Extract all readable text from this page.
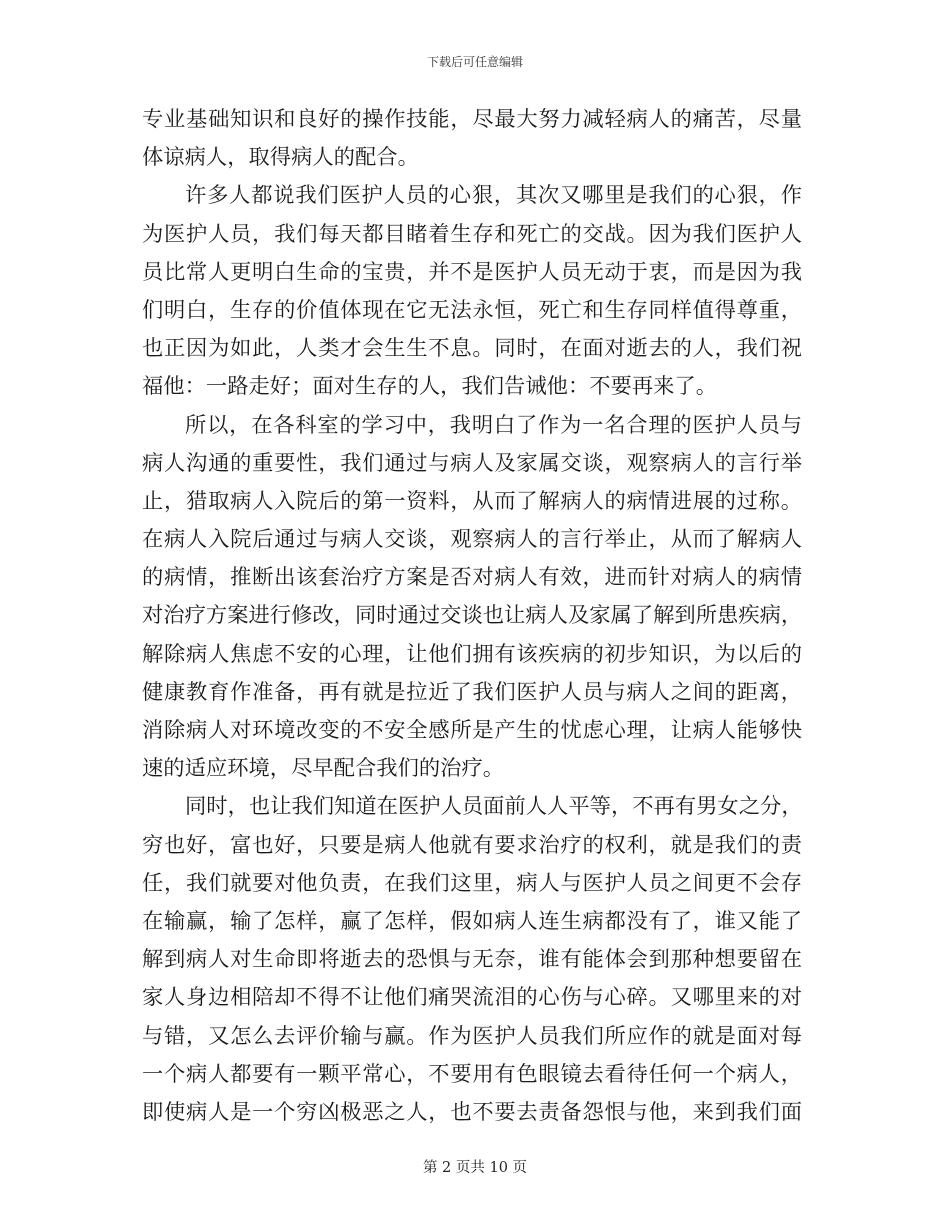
下载后可任意编辑
专业基础知识和良好的操作技能，尽最大努力减轻病人的痛苦，尽量
体谅病人，取得病人的配合。
许多人都说我们医护人员的心狠，其次又哪里是我们的心狠，作
为医护人员，我们每天都目睹着生存和死亡的交战。因为我们医护人
员比常人更明白生命的宝贵，并不是医护人员无动于衷，而是因为我
们明白，生存的价值体现在它无法永恒，死亡和生存同样值得尊重，
也正因为如此，人类才会生生不息。同时，在面对逝去的人，我们祝
福他：一路走好；面对生存的人，我们告诫他：不要再来了。
所以，在各科室的学习中，我明白了作为一名合理的医护人员与
病人沟通的重要性，我们通过与病人及家属交谈，观察病人的言行举
止，猎取病人入院后的第一资料，从而了解病人的病情进展的过称。
在病人入院后通过与病人交谈，观察病人的言行举止，从而了解病人
的病情，推断出该套治疗方案是否对病人有效，进而针对病人的病情
对治疗方案进行修改，同时通过交谈也让病人及家属了解到所患疾病，
解除病人焦虑不安的心理，让他们拥有该疾病的初步知识，为以后的
健康教育作准备，再有就是拉近了我们医护人员与病人之间的距离，
消除病人对环境改变的不安全感所是产生的忧虑心理，让病人能够快
速的适应环境，尽早配合我们的治疗。
同时，也让我们知道在医护人员面前人人平等，不再有男女之分，
穷也好，富也好，只要是病人他就有要求治疗的权利，就是我们的责
任，我们就要对他负责，在我们这里，病人与医护人员之间更不会存
在输赢，输了怎样，赢了怎样，假如病人连生病都没有了，谁又能了
解到病人对生命即将逝去的恐惧与无奈，谁有能体会到那种想要留在
家人身边相陪却不得不让他们痛哭流泪的心伤与心碎。又哪里来的对
与错，又怎么去评价输与赢。作为医护人员我们所应作的就是面对每
一个病人都要有一颗平常心，不要用有色眼镜去看待任何一个病人，
即使病人是一个穷凶极恶之人，也不要去责备怨恨与他，来到我们面
第 2 页共 10 页
